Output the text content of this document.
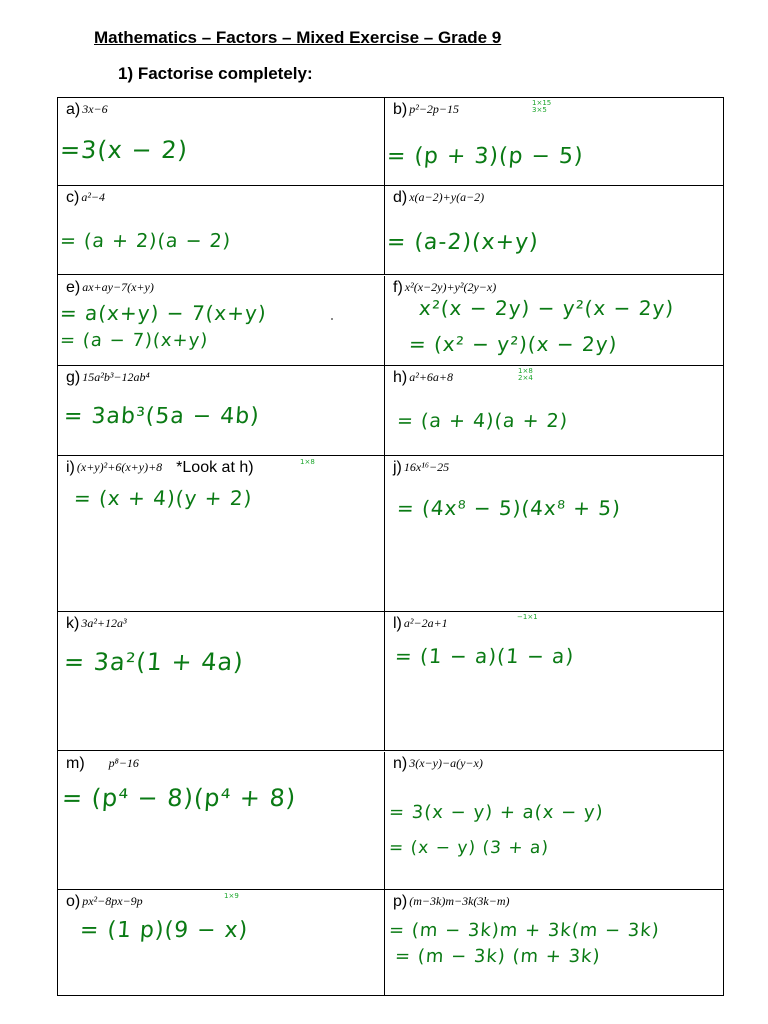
Mathematics – Factors – Mixed Exercise – Grade 9
1) Factorise completely:
a) 3x−6
=3(x − 2)
b) p²−2p−15	1×15 3×5
= (p + 3)(p − 5)
c) a²−4
= (a + 2)(a − 2)
d) x(a−2)+y(a−2)
= (a-2)(x+y)
e) ax+ay−7(x+y)
= a(x+y) − 7(x+y)
= (a − 7)(x+y)
f) x²(x−2y)+y²(2y−x)
x²(x − 2y) − y²(x − 2y)
= (x² − y²)(x − 2y)
g) 15a²b³−12ab⁴
= 3ab³(5a − 4b)
h) a²+6a+8	1×8 2×4
= (a + 4)(a + 2)
i) (x+y)²+6(x+y)+8 *Look at h)	1×8
= (x + 4)(y + 2)
j) 16x¹⁶−25
= (4x⁸ − 5)(4x⁸ + 5)
k) 3a²+12a³
= 3a²(1 + 4a)
l) a²−2a+1	−1×1
= (1 − a)(1 − a)
m) p⁸−16
= (p⁴ − 8)(p⁴ + 8)
n) 3(x−y)−a(y−x)
= 3(x − y) + a(x − y)
= (x − y) (3 + a)
o) px²−8px−9p	1×9
= (1 p)(9 − x)
p) (m−3k)m−3k(3k−m)
= (m − 3k)m + 3k(m − 3k)
= (m − 3k) (m + 3k)
